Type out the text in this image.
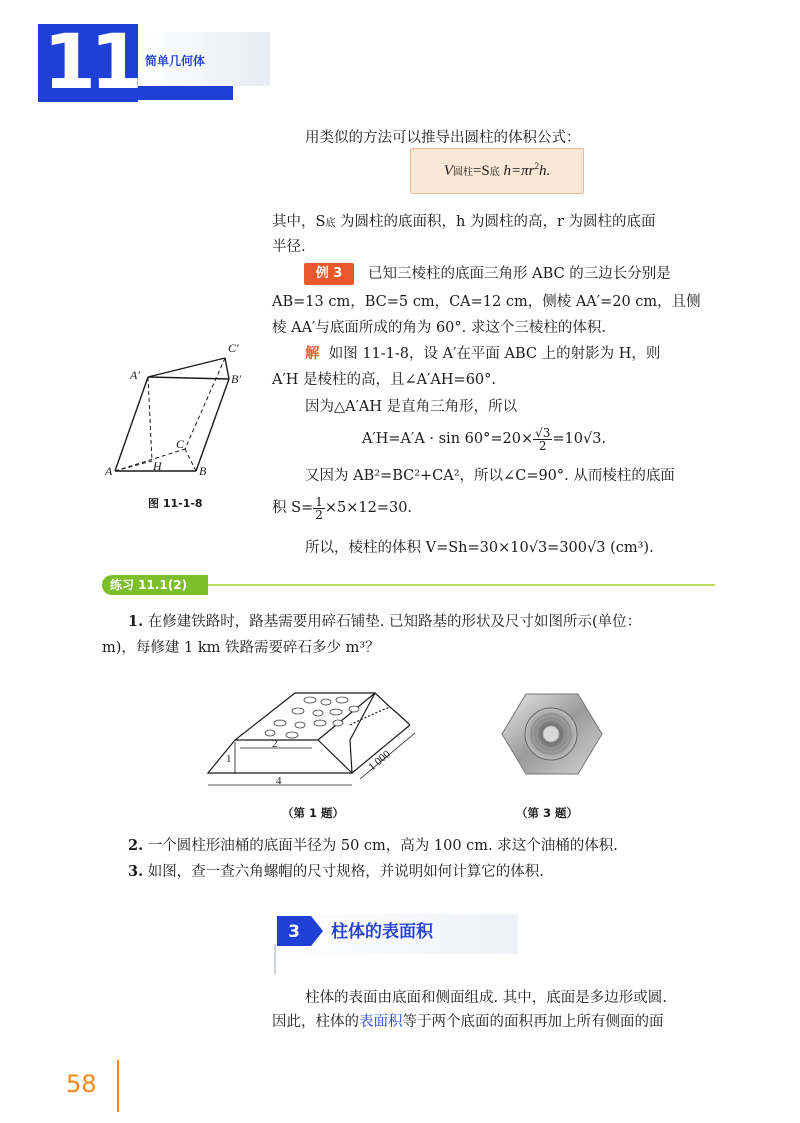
11 简单几何体
用类似的方法可以推导出圆柱的体积公式：
V圆柱=S底 $h=\pi r^2h$.
其中，S底 为圆柱的底面积，h 为圆柱的高，r 为圆柱的底面
半径.
例 3	已知三棱柱的底面三角形 ABC 的三边长分别是
AB=13 cm，BC=5 cm，CA=12 cm，侧棱 AA′=20 cm，且侧
棱 AA′与底面所成的角为 60°. 求这个三棱柱的体积.
解 如图 11-1-8，设 A′在平面 ABC 上的射影为 H，则
A′H 是棱柱的高，且∠A′AH=60°.
因为△A′AH 是直角三角形，所以
$A'H=A'A \cdot \sin 60^\circ=20\times \frac{√3}{2} =10√3$.
又因为 AB²=BC²+CA²，所以∠C=90°. 从而棱柱的底面
积 $S= \frac{1}{2} \times 5\times 12=30$.
所以，棱柱的体积 V=Sh=30×10√3=300√3 (cm³).
A′
C′
B′
C
A	H	B
图 11-1-8
练习 11.1(2)
1. 在修建铁路时，路基需要用碎石铺垫. 已知路基的形状及尺寸如图所示(单位：
m)，每修建 1 km 铁路需要碎石多少 m³？
2
4
1	1 000
（第 1 题）	（第 3 题）
2. 一个圆柱形油桶的底面半径为 50 cm，高为 100 cm. 求这个油桶的体积.
3. 如图，查一查六角螺帽的尺寸规格，并说明如何计算它的体积.
3	柱体的表面积
柱体的表面由底面和侧面组成. 其中，底面是多边形或圆.
因此，柱体的表面积等于两个底面的面积再加上所有侧面的面
58
